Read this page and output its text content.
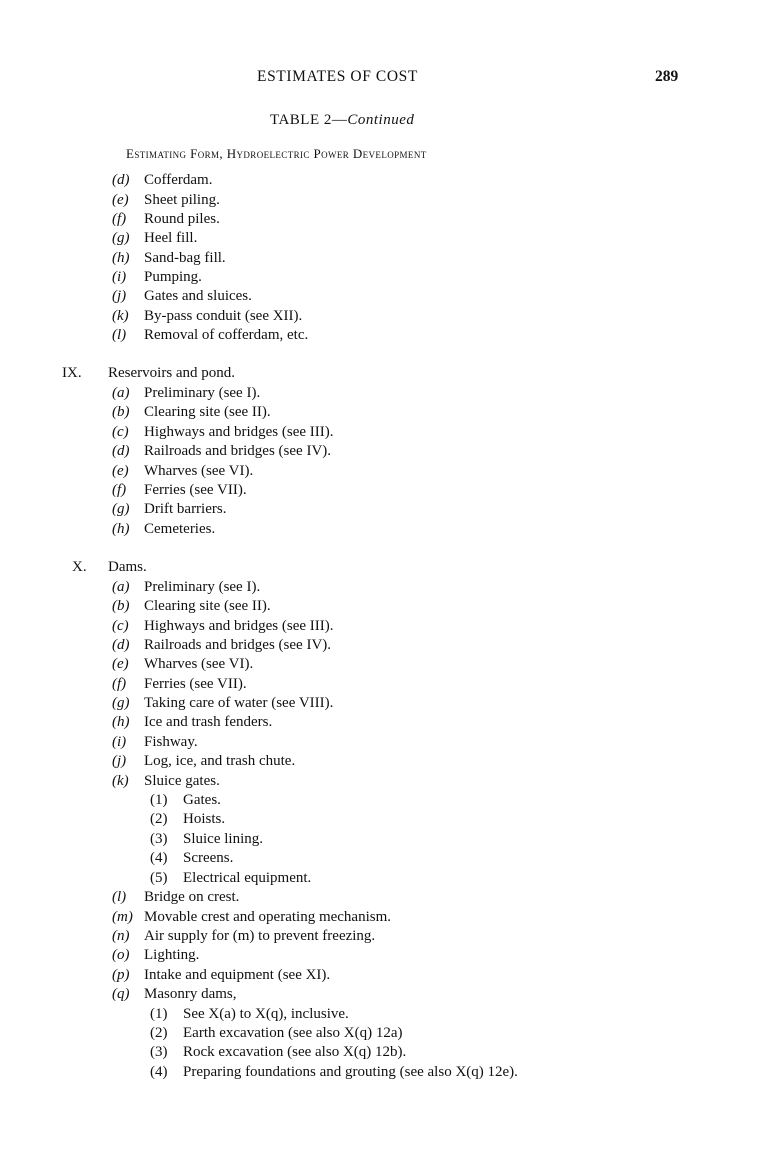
ESTIMATES OF COST	289
TABLE 2—Continued
Estimating Form, Hydroelectric Power Development
(d) Cofferdam.
(e) Sheet piling.
(f) Round piles.
(g) Heel fill.
(h) Sand-bag fill.
(i) Pumping.
(j) Gates and sluices.
(k) By-pass conduit (see XII).
(l) Removal of cofferdam, etc.
IX. Reservoirs and pond.
(a) Preliminary (see I).
(b) Clearing site (see II).
(c) Highways and bridges (see III).
(d) Railroads and bridges (see IV).
(e) Wharves (see VI).
(f) Ferries (see VII).
(g) Drift barriers.
(h) Cemeteries.
X. Dams.
(a) Preliminary (see I).
(b) Clearing site (see II).
(c) Highways and bridges (see III).
(d) Railroads and bridges (see IV).
(e) Wharves (see VI).
(f) Ferries (see VII).
(g) Taking care of water (see VIII).
(h) Ice and trash fenders.
(i) Fishway.
(j) Log, ice, and trash chute.
(k) Sluice gates.
(1) Gates.
(2) Hoists.
(3) Sluice lining.
(4) Screens.
(5) Electrical equipment.
(l) Bridge on crest.
(m) Movable crest and operating mechanism.
(n) Air supply for (m) to prevent freezing.
(o) Lighting.
(p) Intake and equipment (see XI).
(q) Masonry dams,
(1) See X(a) to X(q), inclusive.
(2) Earth excavation (see also X(q) 12a)
(3) Rock excavation (see also X(q) 12b).
(4) Preparing foundations and grouting (see also X(q) 12e).
